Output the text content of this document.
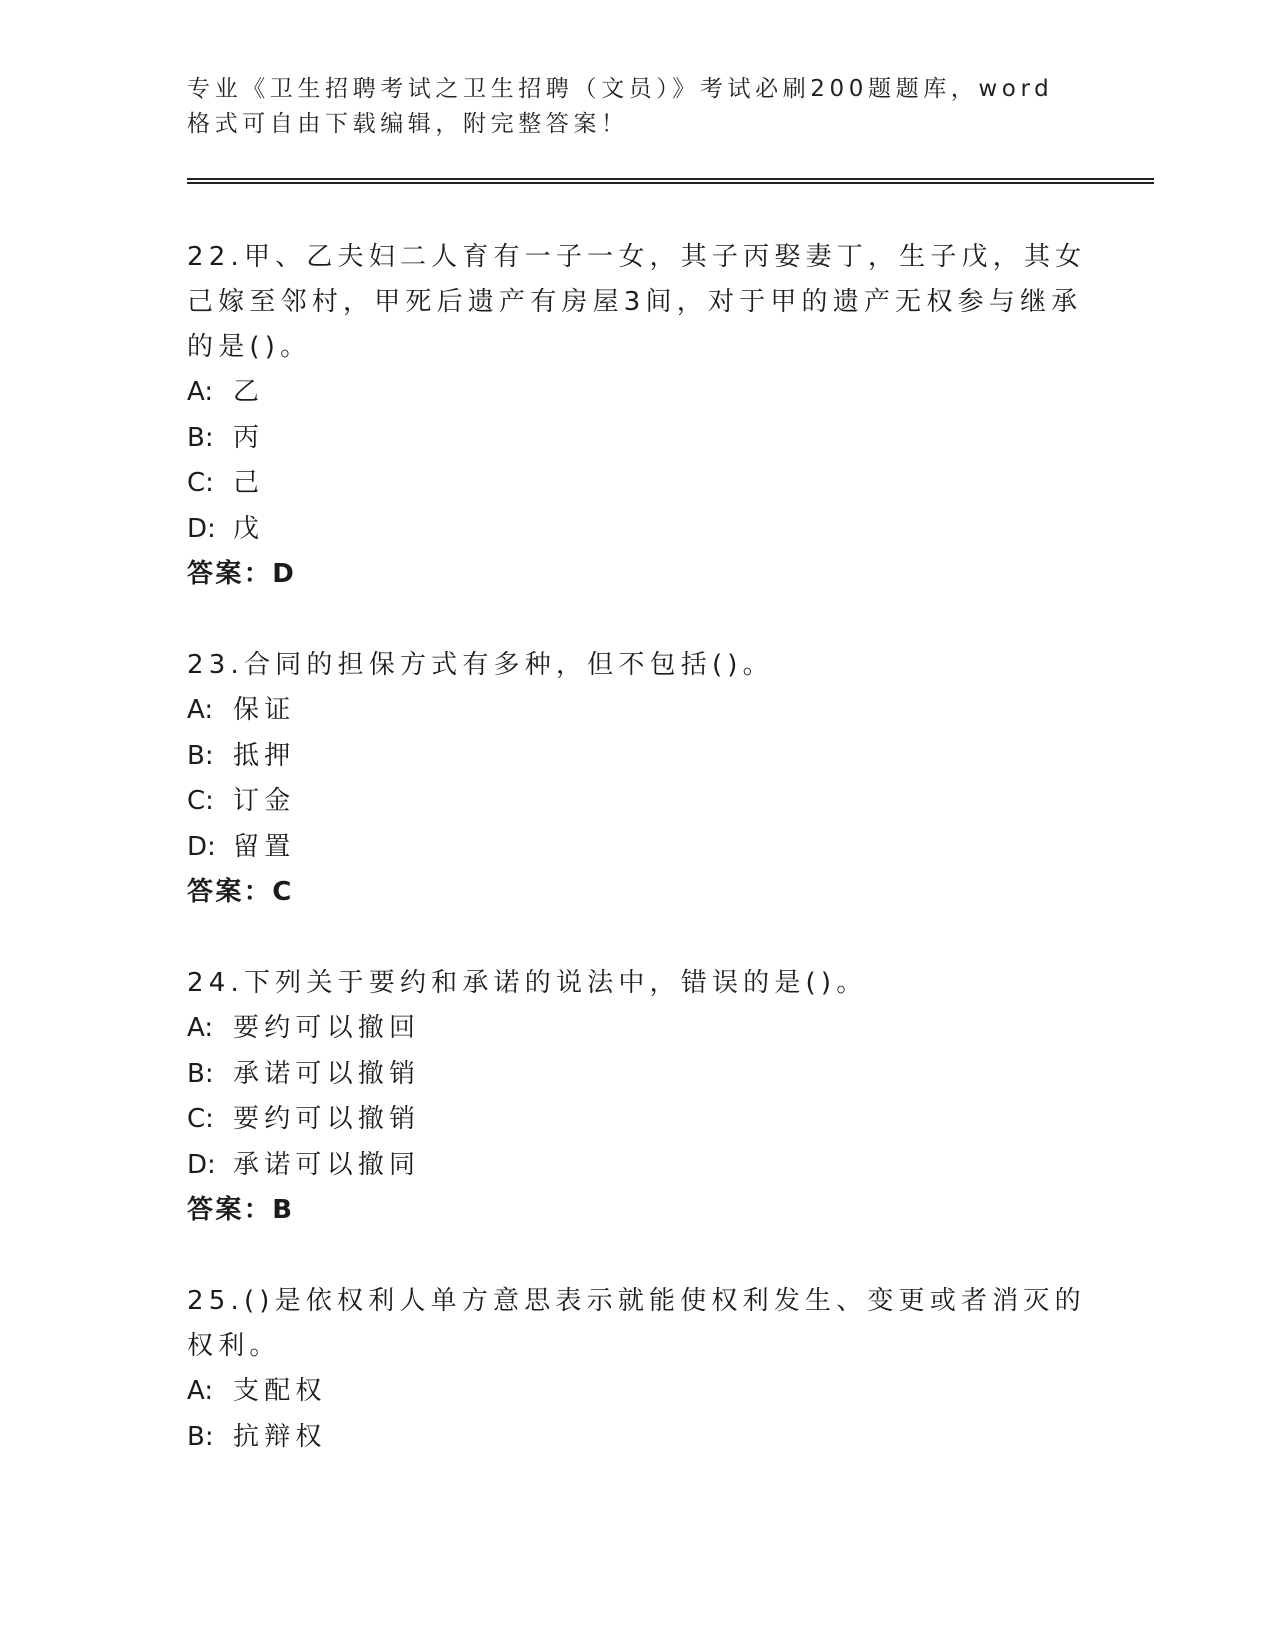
专业《卫生招聘考试之卫生招聘（文员）》考试必刷200题题库，word格式可自由下载编辑，附完整答案！

22.甲、乙夫妇二人育有一子一女，其子丙娶妻丁，生子戊，其女己嫁至邻村，甲死后遗产有房屋3间，对于甲的遗产无权参与继承的是()。

A: 乙
B: 丙
C: 己
D: 戊
答案：D

23.合同的担保方式有多种，但不包括()。

A: 保证
B: 抵押
C: 订金
D: 留置
答案：C

24.下列关于要约和承诺的说法中，错误的是()。

A: 要约可以撤回
B: 承诺可以撤销
C: 要约可以撤销
D: 承诺可以撤同
答案：B

25.()是依权利人单方意思表示就能使权利发生、变更或者消灭的权利。

A: 支配权
B: 抗辩权
